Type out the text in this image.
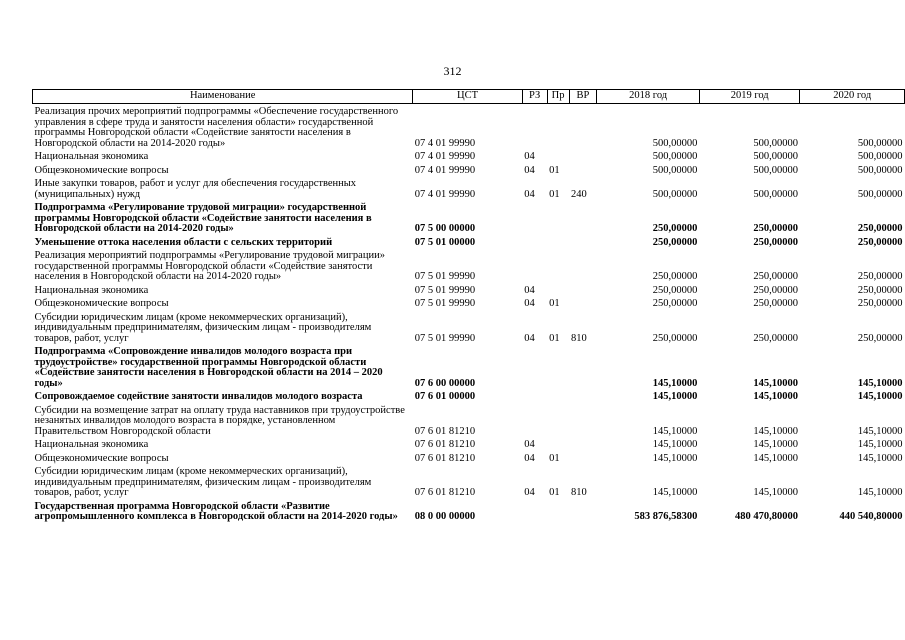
312
Наименование	ЦСТ	РЗ	Пр	ВР	2018 год	2019 год	2020 год
Реализация прочих мероприятий подпрограммы «Обеспечение государственного управления в сфере труда и занятости населения области» государственной программы Новгородской области «Содействие занятости населения в Новгородской области на 2014-2020 годы»	07 4 01 99990				500,00000	500,00000	500,00000
Национальная экономика	07 4 01 99990	04			500,00000	500,00000	500,00000
Общеэкономические вопросы	07 4 01 99990	04	01		500,00000	500,00000	500,00000
Иные закупки товаров, работ и услуг для обеспечения государственных (муниципальных) нужд	07 4 01 99990	04	01	240	500,00000	500,00000	500,00000
Подпрограмма «Регулирование трудовой миграции» государственной программы Новгородской области «Содействие занятости населения в Новгородской области на 2014-2020 годы»	07 5 00 00000				250,00000	250,00000	250,00000
Уменьшение оттока населения области с сельских территорий	07 5 01 00000				250,00000	250,00000	250,00000
Реализация мероприятий подпрограммы «Регулирование трудовой миграции» государственной программы Новгородской области «Содействие занятости населения в Новгородской области на 2014-2020 годы»	07 5 01 99990				250,00000	250,00000	250,00000
Национальная экономика	07 5 01 99990	04			250,00000	250,00000	250,00000
Общеэкономические вопросы	07 5 01 99990	04	01		250,00000	250,00000	250,00000
Субсидии юридическим лицам (кроме некоммерческих организаций), индивидуальным предпринимателям, физическим лицам - производителям товаров, работ, услуг	07 5 01 99990	04	01	810	250,00000	250,00000	250,00000
Подпрограмма «Сопровождение инвалидов молодого возраста при трудоустройстве» государственной программы Новгородской области «Содействие занятости населения в Новгородской области на 2014 – 2020 годы»	07 6 00 00000				145,10000	145,10000	145,10000
Сопровождаемое содействие занятости инвалидов молодого возраста	07 6 01 00000				145,10000	145,10000	145,10000
Субсидии на возмещение затрат на оплату труда наставников при трудоустройстве незанятых инвалидов молодого возраста в порядке, установленном Правительством Новгородской области	07 6 01 81210				145,10000	145,10000	145,10000
Национальная экономика	07 6 01 81210	04			145,10000	145,10000	145,10000
Общеэкономические вопросы	07 6 01 81210	04	01		145,10000	145,10000	145,10000
Субсидии юридическим лицам (кроме некоммерческих организаций), индивидуальным предпринимателям, физическим лицам - производителям товаров, работ, услуг	07 6 01 81210	04	01	810	145,10000	145,10000	145,10000
Государственная программа Новгородской области «Развитие агропромышленного комплекса в Новгородской области на 2014-2020 годы»	08 0 00 00000				583 876,58300	480 470,80000	440 540,80000
